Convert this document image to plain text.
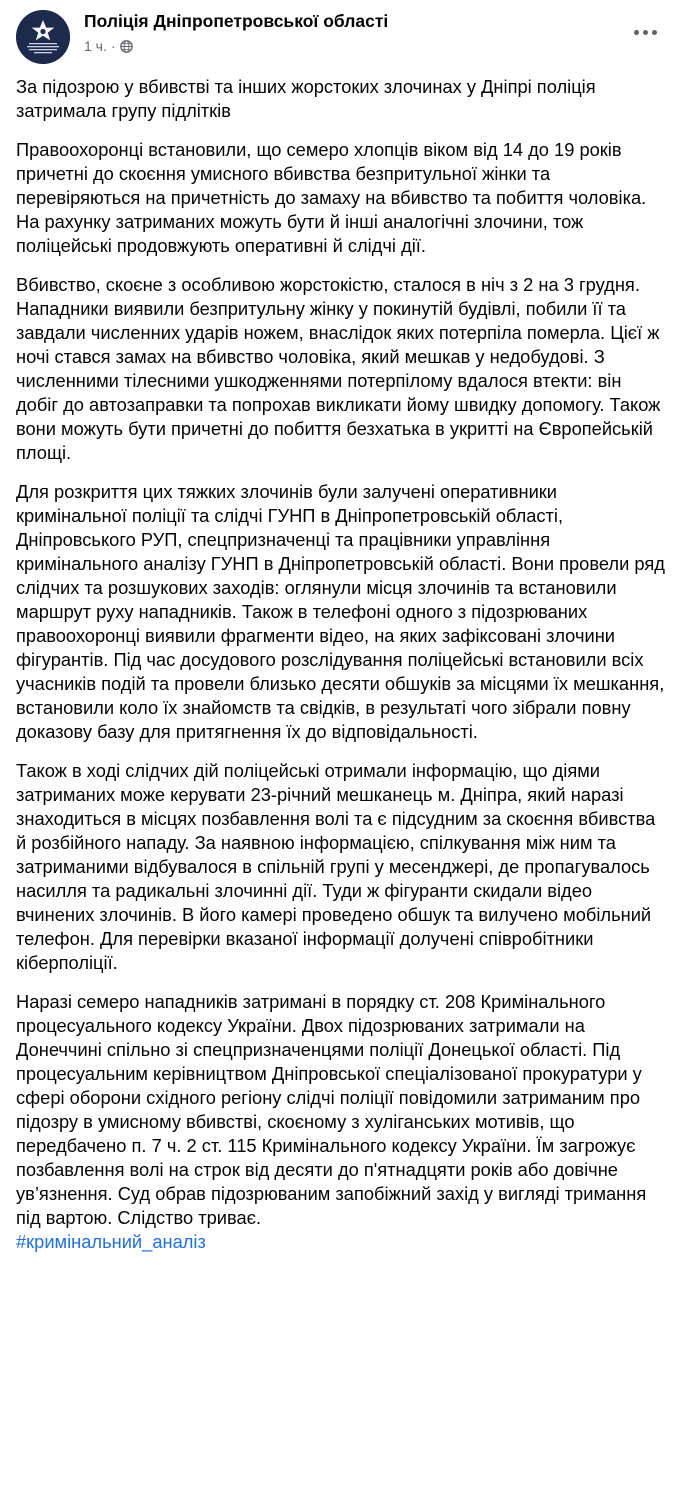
Поліція Дніпропетровської області
1 ч. ·

За підозрою у вбивстві та інших жорстоких злочинах у Дніпрі поліція затримала групу підлітків

Правоохоронці встановили, що семеро хлопців віком від 14 до 19 років причетні до скоєння умисного вбивства безпритульної жінки та перевіряються на причетність до замаху на вбивство та побиття чоловіка. На рахунку затриманих можуть бути й інші аналогічні злочини, тож поліцейські продовжують оперативні й слідчі дії.

Вбивство, скоєне з особливою жорстокістю, сталося в ніч з 2 на 3 грудня. Нападники виявили безпритульну жінку у покинутій будівлі, побили її та завдали численних ударів ножем, внаслідок яких потерпіла померла. Цієї ж ночі стався замах на вбивство чоловіка, який мешкав у недобудові. З численними тілесними ушкодженнями потерпілому вдалося втекти: він добіг до автозаправки та попрохав викликати йому швидку допомогу. Також вони можуть бути причетні до побиття безхатька в укритті на Європейській площі.

Для розкриття цих тяжких злочинів були залучені оперативники кримінальної поліції та слідчі ГУНП в Дніпропетровській області, Дніпровського РУП, спецпризначенці та працівники управління кримінального аналізу ГУНП в Дніпропетровській області. Вони провели ряд слідчих та розшукових заходів: оглянули місця злочинів та встановили маршрут руху нападників. Також в телефоні одного з підозрюваних правоохоронці виявили фрагменти відео, на яких зафіксовані злочини фігурантів. Під час досудового розслідування поліцейські встановили всіх учасників подій та провели близько десяти обшуків за місцями їх мешкання, встановили коло їх знайомств та свідків, в результаті чого зібрали повну доказову базу для притягнення їх до відповідальності.

Також в ході слідчих дій поліцейські отримали інформацію, що діями затриманих може керувати 23-річний мешканець м. Дніпра, який наразі знаходиться в місцях позбавлення волі та є підсудним за скоєння вбивства й розбійного нападу. За наявною інформацією, спілкування між ним та затриманими відбувалося в спільній групі у месенджері, де пропагувалось насилля та радикальні злочинні дії. Туди ж фігуранти скидали відео вчинених злочинів. В його камері проведено обшук та вилучено мобільний телефон. Для перевірки вказаної інформації долучені співробітники кіберполіції.

Наразі семеро нападників затримані в порядку ст. 208 Кримінального процесуального кодексу України. Двох підозрюваних затримали на Донеччині спільно зі спецпризначенцями поліції Донецької області. Під процесуальним керівництвом Дніпровської спеціалізованої прокуратури у сфері оборони східного регіону слідчі поліції повідомили затриманим про підозру в умисному вбивстві, скоєному з хуліганських мотивів, що передбачено п. 7 ч. 2 ст. 115 Кримінального кодексу України. Їм загрожує позбавлення волі на строк від десяти до п'ятнадцяти років або довічне ув’язнення. Суд обрав підозрюваним запобіжний захід у вигляді тримання під вартою. Слідство триває.

#кримінальний_аналіз
